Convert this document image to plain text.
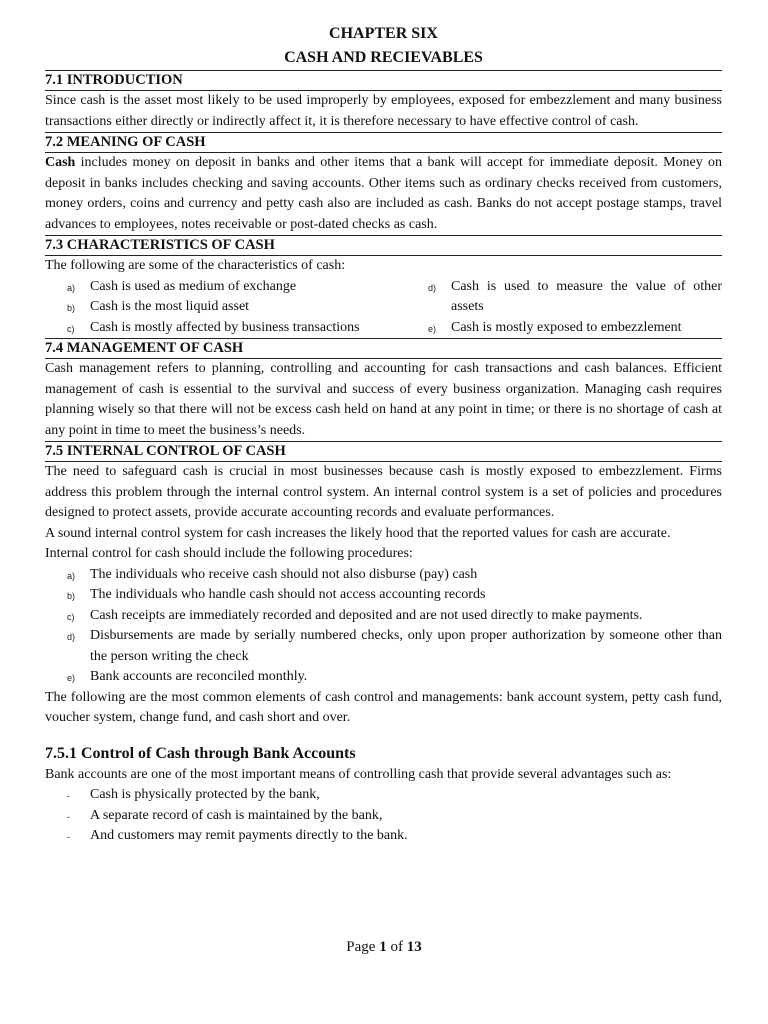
CHAPTER SIX
CASH AND RECIEVABLES
7.1 INTRODUCTION

Since cash is the asset most likely to be used improperly by employees, exposed for embezzlement and many business transactions either directly or indirectly affect it, it is therefore necessary to have effective control of cash.

7.2 MEANING OF CASH

Cash includes money on deposit in banks and other items that a bank will accept for immediate deposit. Money on deposit in banks includes checking and saving accounts. Other items such as ordinary checks received from customers, money orders, coins and currency and petty cash also are included as cash. Banks do not accept postage stamps, travel advances to employees, notes receivable or post-dated checks as cash.

7.3 CHARACTERISTICS OF CASH

The following are some of the characteristics of cash:

a) Cash is used as medium of exchange
b) Cash is the most liquid asset
c) Cash is mostly affected by business transactions
d) Cash is used to measure the value of other assets
e) Cash is mostly exposed to embezzlement
7.4 MANAGEMENT OF CASH

Cash management refers to planning, controlling and accounting for cash transactions and cash balances. Efficient management of cash is essential to the survival and success of every business organization. Managing cash requires planning wisely so that there will not be excess cash held on hand at any point in time; or there is no shortage of cash at any point in time to meet the business’s needs.

7.5 INTERNAL CONTROL OF CASH

The need to safeguard cash is crucial in most businesses because cash is mostly exposed to embezzlement. Firms address this problem through the internal control system. An internal control system is a set of policies and procedures designed to protect assets, provide accurate accounting records and evaluate performances.

A sound internal control system for cash increases the likely hood that the reported values for cash are accurate.

Internal control for cash should include the following procedures:

a) The individuals who receive cash should not also disburse (pay) cash
b) The individuals who handle cash should not access accounting records
c) Cash receipts are immediately recorded and deposited and are not used directly to make payments.
d) Disbursements are made by serially numbered checks, only upon proper authorization by someone other than the person writing the check
e) Bank accounts are reconciled monthly.

The following are the most common elements of cash control and managements: bank account system, petty cash fund, voucher system, change fund, and cash short and over.

7.5.1 Control of Cash through Bank Accounts

Bank accounts are one of the most important means of controlling cash that provide several advantages such as:

- Cash is physically protected by the bank,
- A separate record of cash is maintained by the bank,
- And customers may remit payments directly to the bank.
Page 1 of 13
